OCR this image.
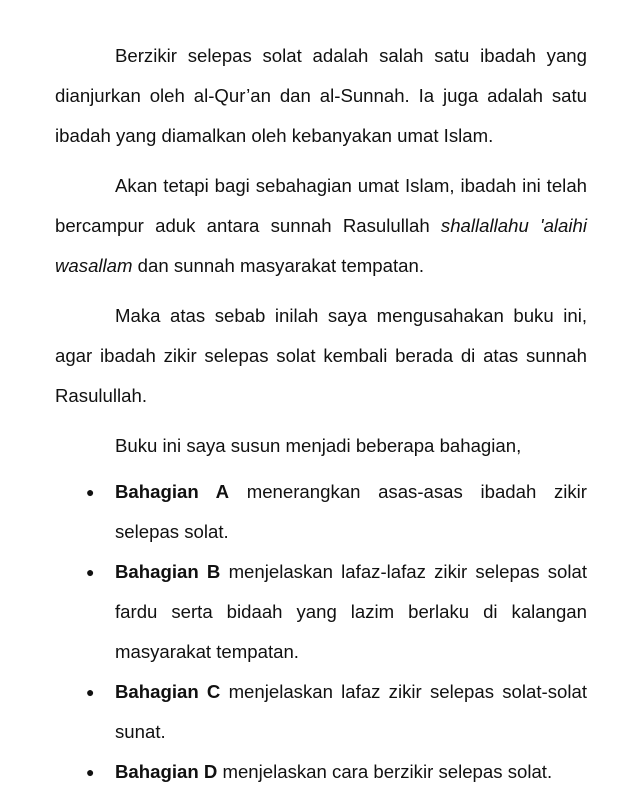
Berzikir selepas solat adalah salah satu ibadah yang dianjurkan oleh al-Qur’an dan al-Sunnah. Ia juga adalah satu ibadah yang diamalkan oleh kebanyakan umat Islam.

Akan tetapi bagi sebahagian umat Islam, ibadah ini telah bercampur aduk antara sunnah Rasulullah shallallahu 'alaihi wasallam dan sunnah masyarakat tempatan.

Maka atas sebab inilah saya mengusahakan buku ini, agar ibadah zikir selepas solat kembali berada di atas sunnah Rasulullah.

Buku ini saya susun menjadi beberapa bahagian,

● Bahagian A menerangkan asas-asas ibadah zikir selepas solat.
● Bahagian B menjelaskan lafaz-lafaz zikir selepas solat fardu serta bidaah yang lazim berlaku di kalangan masyarakat tempatan.
● Bahagian C menjelaskan lafaz zikir selepas solat-solat sunat.
● Bahagian D menjelaskan cara berzikir selepas solat.
